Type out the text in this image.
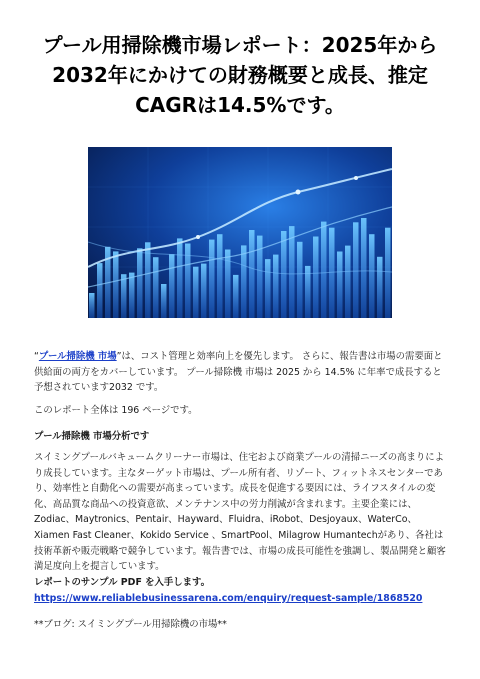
プール用掃除機市場レポート：2025年から2032年にかけての財務概要と成長、推定CAGRは14.5%です。
“プール掃除機 市場”は、コスト管理と効率向上を優先します。 さらに、報告書は市場の需要面と供給面の両方をカバーしています。 プール掃除機 市場は 2025 から 14.5% に年率で成長すると予想されています2032 です。
このレポート全体は 196 ページです。
プール掃除機 市場分析です
スイミングプールバキュームクリーナー市場は、住宅および商業プールの清掃ニーズの高まりにより成長しています。主なターゲット市場は、プール所有者、リゾート、フィットネスセンターであり、効率性と自動化への需要が高まっています。成長を促進する要因には、ライフスタイルの変化、高品質な商品への投資意欲、メンテナンス中の労力削減が含まれます。主要企業には、Zodiac、Maytronics、Pentair、Hayward、Fluidra、iRobot、Desjoyaux、WaterCo、Xiamen Fast Cleaner、Kokido Service 、SmartPool、Milagrow Humantechがあり、各社は技術革新や販売戦略で競争しています。報告書では、市場の成長可能性を強調し、製品開発と顧客満足度向上を提言しています。
レポートのサンプル PDF を入手します。 https://www.reliablebusinessarena.com/enquiry/request-sample/1868520
**ブログ: スイミングプール用掃除機の市場**
